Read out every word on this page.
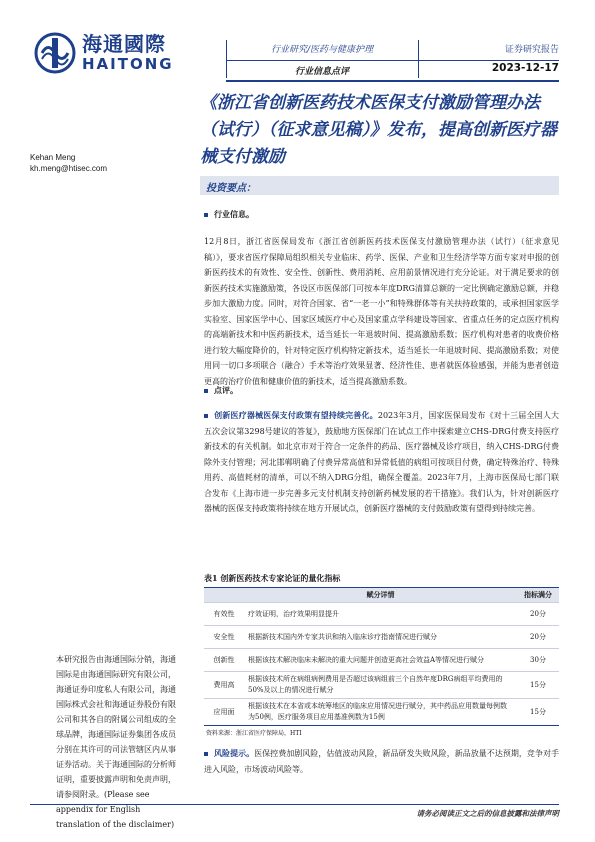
海通國際
HAITONG
行业研究/医药与健康护理
行业信息点评
证券研究报告
2023-12-17
《浙江省创新医药技术医保支付激励管理办法（试行）（征求意见稿）》发布，提高创新医疗器械支付激励
Kehan Meng
kh.meng@htisec.com
投资要点：
行业信息。
12月8日，浙江省医保局发布《浙江省创新医药技术医保支付激励管理办法（试行）（征求意见稿）》，要求省医疗保障局组织相关专业临床、药学、医保、产业和卫生经济学等方面专家对申报的创新医药技术的有效性、安全性、创新性、费用消耗、应用前景情况进行充分论证。对于满足要求的创新医药技术实施激励策，各设区市医保部门可按本年度DRG清算总额的一定比例确定激励总额，并稳步加大激励力度。同时，对符合国家、省“一老一小”和特殊群体等有关扶持政策的，或承担国家医学实验室、国家医学中心、国家区域医疗中心及国家重点学科建设等国家、省重点任务的定点医疗机构的高端新技术和中医药新技术，适当延长一年退坡时间、提高激励系数；医疗机构对患者的收费价格进行较大幅度降价的，针对特定医疗机构特定新技术，适当延长一年退坡时间、提高激励系数；对使用同一切口多项联合（融合）手术等治疗效果显著、经济性佳、患者就医体验感强，并能为患者创造更高的治疗价值和健康价值的新技术，适当提高激励系数。
点评。
创新医疗器械医保支付政策有望持续完善化。2023年3月，国家医保局发布《对十三届全国人大五次会议第3298号建议的答复》，鼓励地方医保部门在试点工作中探索建立CHS-DRG付费支持医疗新技术的有关机制。如北京市对于符合一定条件的药品、医疗器械及诊疗项目，纳入CHS-DRG付费除外支付管理；河北邯郸明确了付费异常高值和异常低值的病组可按项目付费，确定特殊治疗、特殊用药、高值耗材的清单，可以不纳入DRG分组，确保全覆盖。2023年7月，上海市医保局七部门联合发布《上海市进一步完善多元支付机制支持创新药械发展的若干措施》。我们认为，针对创新医疗器械的医保支持政策将持续在地方开展试点，创新医疗器械的支付鼓励政策有望得到持续完善。
表1 创新医药技术专家论证的量化指标
	赋分详情	指标满分
有效性	疗效证明，治疗效果明显提升	20分
安全性	根据新技术国内外专家共识和纳入临床诊疗指南情况进行赋分	20分
创新性	根据该技术解决临床未解决的重大问题并创造更高社会效益A等情况进行赋分	30分
费用高	根据该技术所在病组病例费用是否超过该病组前三个自然年度DRG病组平均费用的50%及以上的情况进行赋分	15分
应用面	根据该技术在本省或本统筹地区的临床应用情况进行赋分，其中药品应用数量每例数为50例，医疗服务项目应用基准例数为15例	15分
资料来源：浙江省医疗保障局，HTI
风险提示。医保控费加剧风险，估值波动风险，新品研发失败风险，新品放量不达预期，竞争对手进入风险，市场波动风险等。
本研究报告由海通国际分销，海通国际是由海通国际研究有限公司，海通证券印度私人有限公司，海通国际株式会社和海通证券股份有限公司和其各自的附属公司组成的全球品牌，海通国际证券集团各成员分别在其许可的司法管辖区内从事证券活动。关于海通国际的分析师证明，重要披露声明和免责声明，请参阅附录。(Please see appendix for English translation of the disclaimer)
请务必阅读正文之后的信息披露和法律声明
